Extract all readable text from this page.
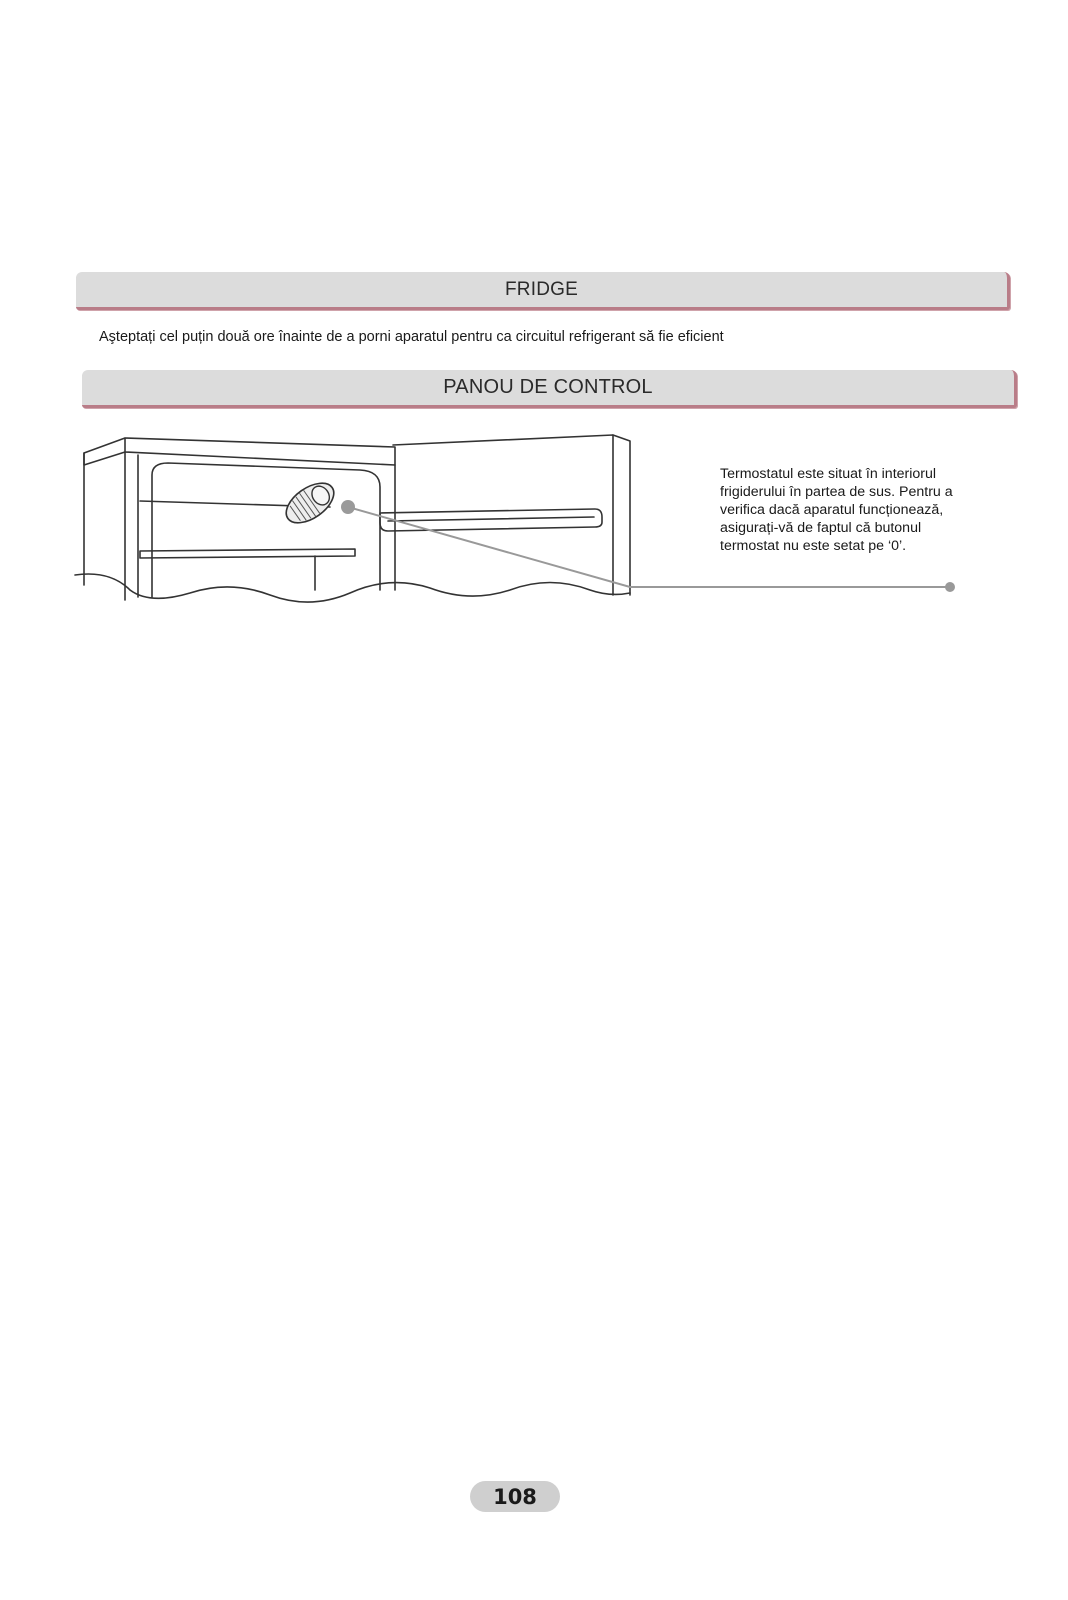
FRIDGE
Aşteptați cel puțin două ore înainte de a porni aparatul pentru ca circuitul refrigerant să fie eficient
PANOU DE CONTROL
Termostatul este situat în interiorul frigiderului în partea de sus. Pentru a verifica dacă aparatul funcționează, asigurați-vă de faptul că butonul termostat nu este setat pe ‘0’.
108
